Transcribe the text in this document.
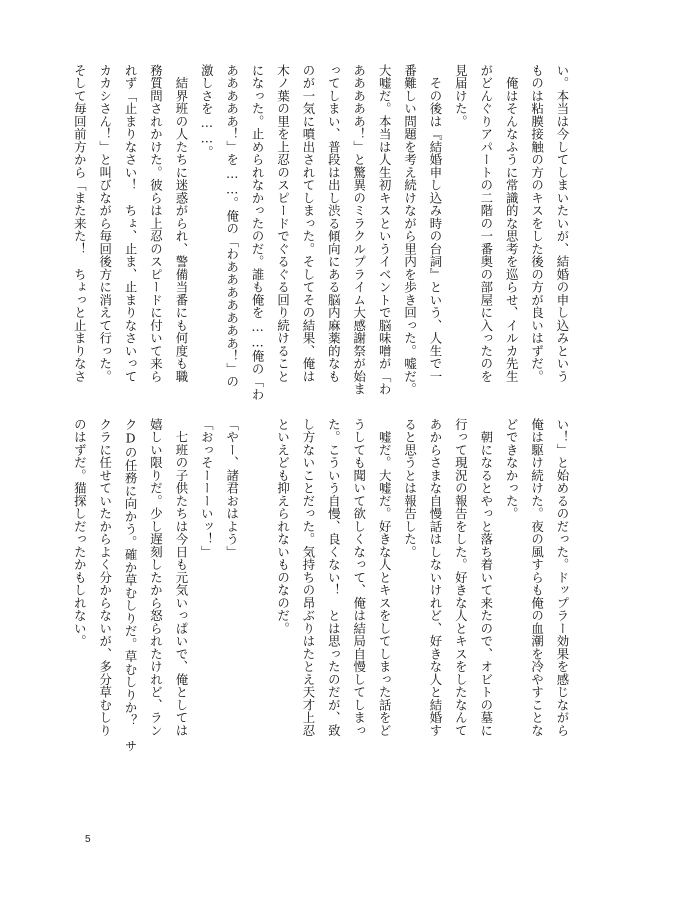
い。本当は今してしまいたいが、結婚の申し込みという
ものは粘膜接触の方のキスをした後の方が良いはずだ。
　俺はそんなふうに常識的な思考を巡らせ、イルカ先生
がどんぐりアパートの二階の一番奥の部屋に入ったのを
見届けた。
　その後は『結婚申し込み時の台詞』という、人生で一
番難しい問題を考え続けながら里内を歩き回った。嘘だ。
大嘘だ。本当は人生初キスというイベントで脳味噌が「わ
あああああ！」と驚異のミラクルプライム大感謝祭が始ま
ってしまい、普段は出し渋る傾向にある脳内麻薬的なも
のが一気に噴出されてしまった。そしてその結果、俺は
木ノ葉の里を上忍のスピードでぐるぐる回り続けること
になった。止められなかったのだ。誰も俺を……俺の「わ
あああああ！」を……。俺の「わあああああああ！」の
激しさを……。
　結界班の人たちに迷惑がられ、警備当番にも何度も職
務質問されかけた。彼らは上忍のスピードに付いて来ら
れず「止まりなさい！　ちょ、止ま、止まりなさいって
カカシさん！」と叫びながら毎回後方に消えて行った。
そして毎回前方から「また来た！　ちょっと止まりなさ
い！」と始めるのだった。ドップラー効果を感じながら
俺は駆け続けた。夜の風すらも俺の血潮を冷やすことな
どできなかった。
　朝になるとやっと落ち着いて来たので、オビトの墓に
行って現況の報告をした。好きな人とキスをしたなんて
あからさまな自慢話はしないけれど、好きな人と結婚す
ると思うとは報告した。
　嘘だ。大嘘だ。好きな人とキスをしてしまった話をど
うしても聞いて欲しくなって、俺は結局自慢してしまっ
た。こういう自慢、良くない！　とは思ったのだが、致
し方ないことだった。気持ちの昂ぶりはたとえ天才上忍
といえども抑えられないものなのだ。

「やー、諸君おはよう」
「おっそーーーいッ！」
　七班の子供たちは今日も元気いっぱいで、俺としては
嬉しい限りだ。少し遅刻したから怒られたけれど、ラン
クDの任務に向かう。確か草むしりだ。草むしりか？　サ
クラに任せていたからよく分からないが、多分草むしり
のはずだ。猫探しだったかもしれない。
5
